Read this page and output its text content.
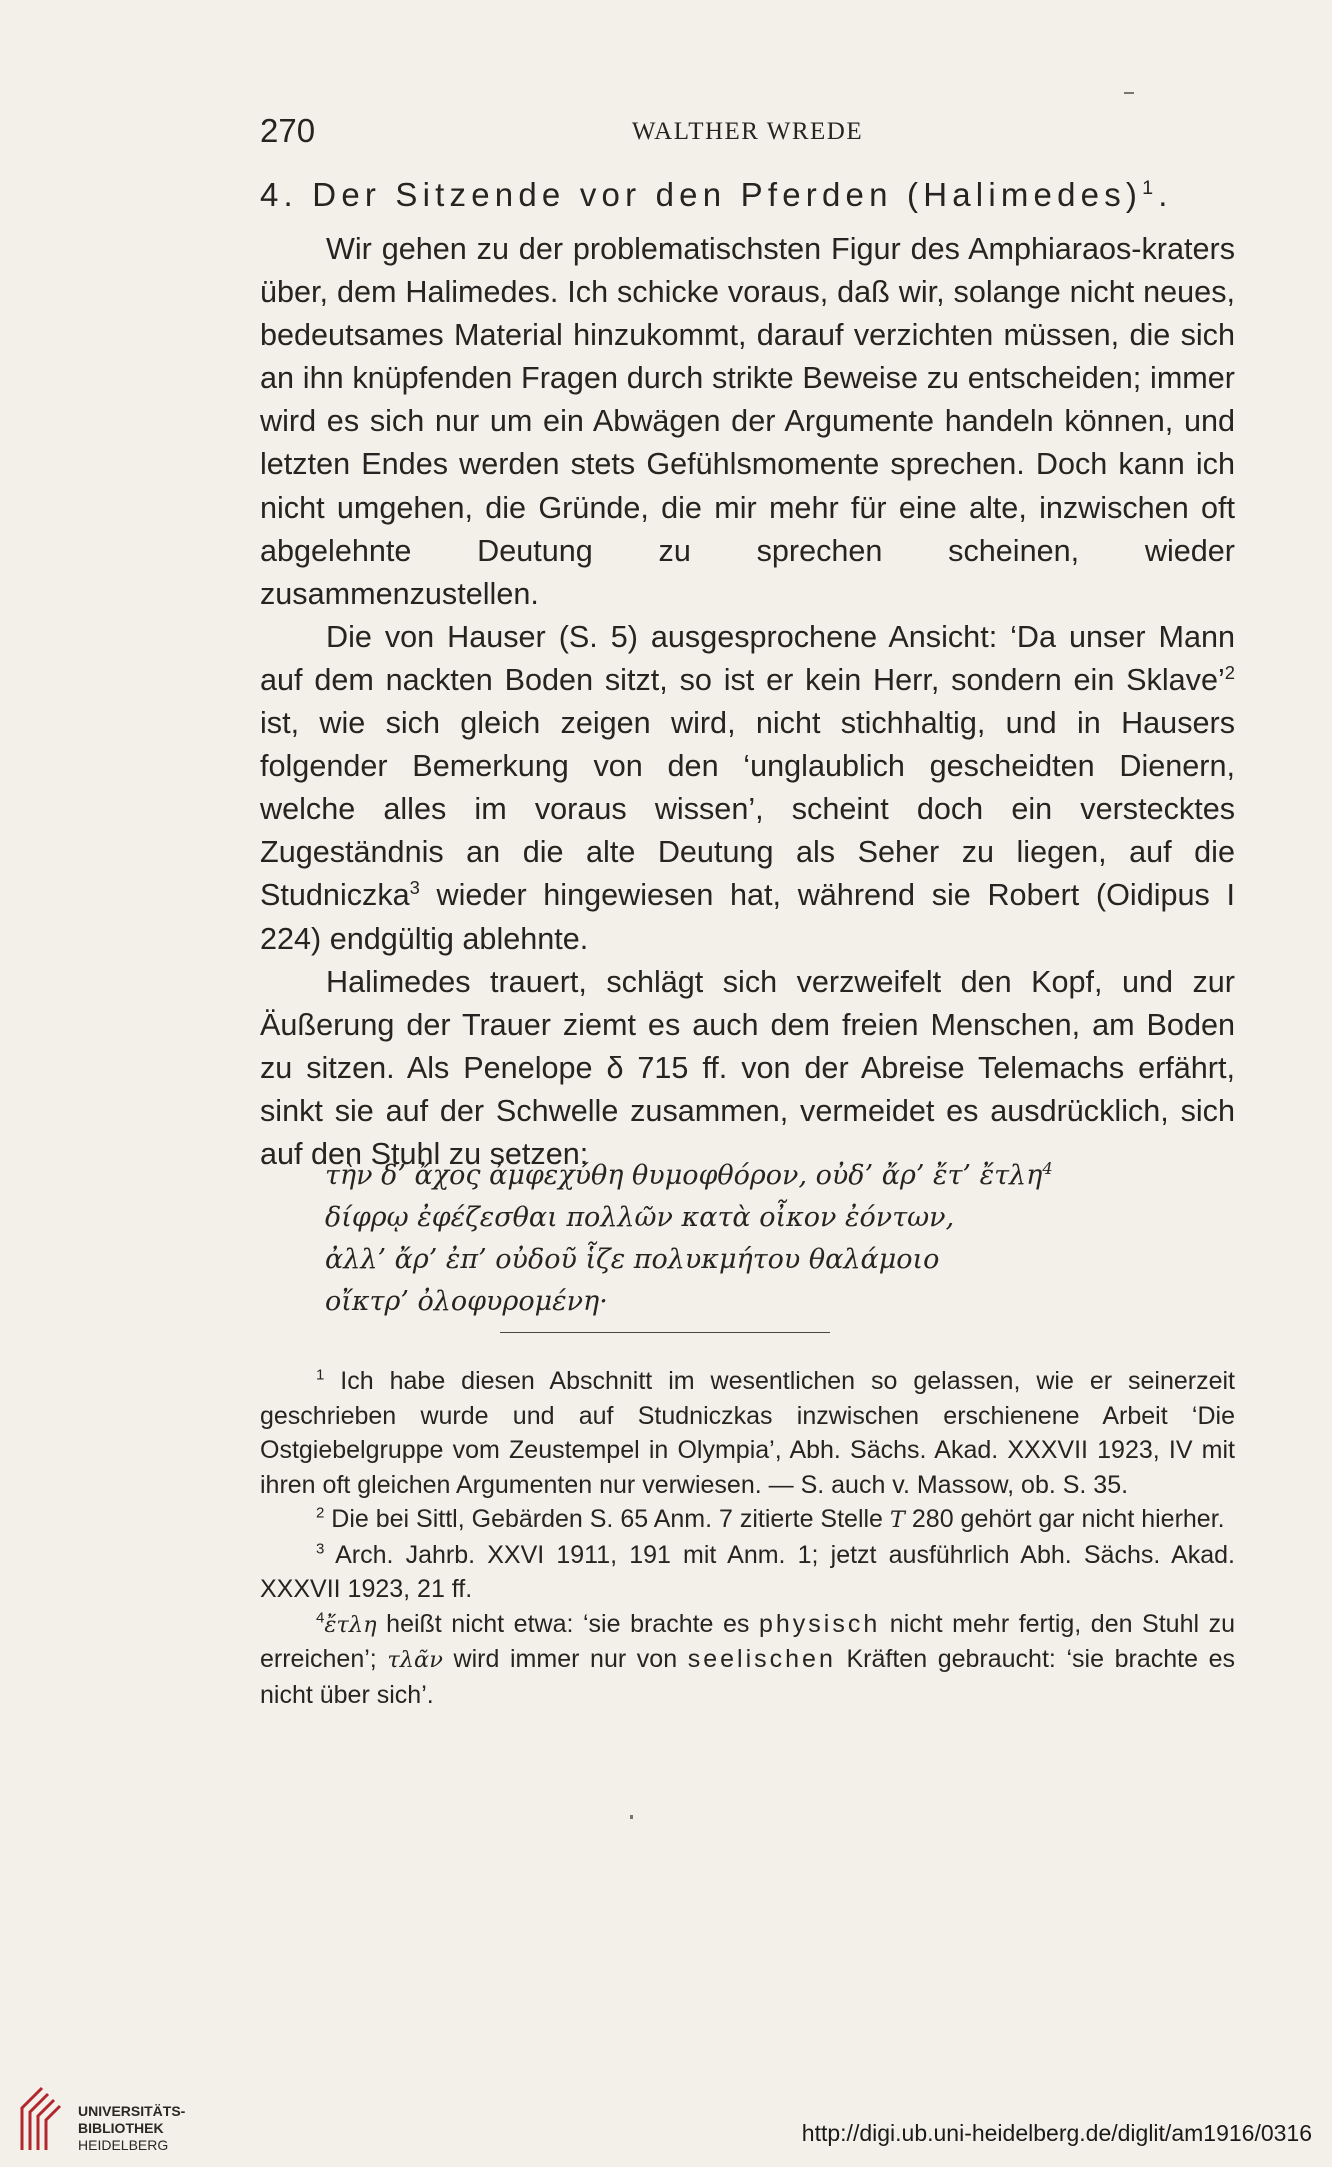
270	WALTHER WREDE
4. Der Sitzende vor den Pferden (Halimedes)$^1$.

Wir gehen zu der problematischsten Figur des Amphiaraos-kraters über, dem Halimedes. Ich schicke voraus, daß wir, solange nicht neues, bedeutsames Material hinzukommt, darauf verzichten müssen, die sich an ihn knüpfenden Fragen durch strikte Beweise zu entscheiden; immer wird es sich nur um ein Abwägen der Argumente handeln können, und letzten Endes werden stets Gefühlsmomente sprechen. Doch kann ich nicht umgehen, die Gründe, die mir mehr für eine alte, inzwischen oft abgelehnte Deutung zu sprechen scheinen, wieder zusammenzustellen.

Die von Hauser (S. 5) ausgesprochene Ansicht: ‘Da unser Mann auf dem nackten Boden sitzt, so ist er kein Herr, sondern ein Sklave’$^2$ ist, wie sich gleich zeigen wird, nicht stichhaltig, und in Hausers folgender Bemerkung von den ‘unglaublich gescheidten Dienern, welche alles im voraus wissen’, scheint doch ein verstecktes Zugeständnis an die alte Deutung als Seher zu liegen, auf die Studniczka$^3$ wieder hingewiesen hat, während sie Robert (Oidipus I 224) endgültig ablehnte.

Halimedes trauert, schlägt sich verzweifelt den Kopf, und zur Äußerung der Trauer ziemt es auch dem freien Menschen, am Boden zu sitzen. Als Penelope δ 715 ff. von der Abreise Telemachs erfährt, sinkt sie auf der Schwelle zusammen, vermeidet es ausdrücklich, sich auf den Stuhl zu setzen:

τὴν δ’ ἄχος ἀμφεχύθη θυμοφθόρον, οὐδ’ ἄρ’ ἔτ’ ἔτλη$^4$
δίφρῳ ἐφέζεσθαι πολλῶν κατὰ οἶκον ἐόντων,
ἀλλ’ ἄρ’ ἐπ’ οὐδοῦ ἷζε πολυκμήτου θαλάμοιο
οἴκτρ’ ὀλοφυρομένη·

$^1$ Ich habe diesen Abschnitt im wesentlichen so gelassen, wie er seinerzeit geschrieben wurde und auf Studniczkas inzwischen erschienene Arbeit ‘Die Ostgiebelgruppe vom Zeustempel in Olympia’, Abh. Sächs. Akad. XXXVII 1923, IV mit ihren oft gleichen Argumenten nur verwiesen. — S. auch v. Massow, ob. S. 35.

$^2$ Die bei Sittl, Gebärden S. 65 Anm. 7 zitierte Stelle Τ 280 gehört gar nicht hierher.

$^3$ Arch. Jahrb. XXVI 1911, 191 mit Anm. 1; jetzt ausführlich Abh. Sächs. Akad. XXXVII 1923, 21 ff.

$^4$ἔτλη heißt nicht etwa: ‘sie brachte es physisch nicht mehr fertig, den Stuhl zu erreichen’; τλᾶν wird immer nur von seelischen Kräften gebraucht: ‘sie brachte es nicht über sich’.

UNIVERSITÄTS-
BIBLIOTHEK
HEIDELBERG	http://digi.ub.uni-heidelberg.de/diglit/am1916/0316
